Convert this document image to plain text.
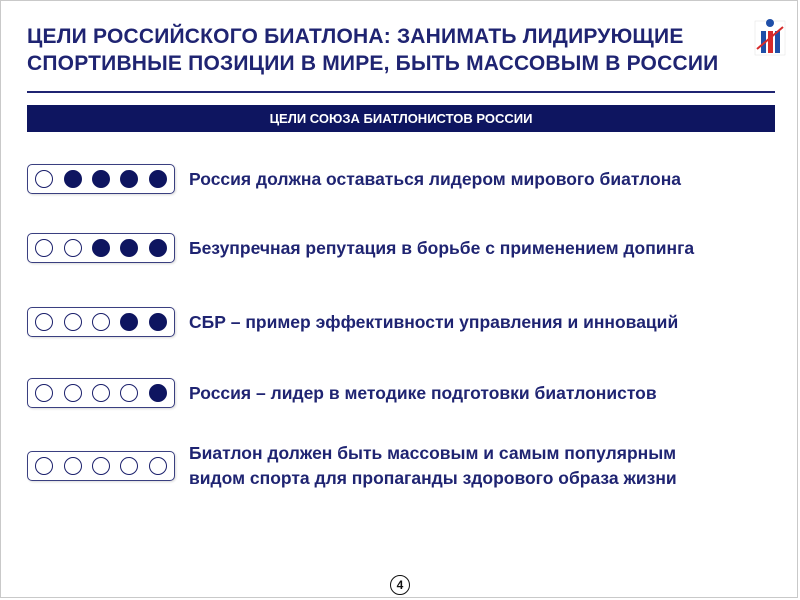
ЦЕЛИ РОССИЙСКОГО БИАТЛОНА: ЗАНИМАТЬ ЛИДИРУЮЩИЕ
СПОРТИВНЫЕ ПОЗИЦИИ В МИРЕ, БЫТЬ МАССОВЫМ В РОССИИ
ЦЕЛИ СОЮЗА БИАТЛОНИСТОВ РОССИИ
Россия должна оставаться лидером мирового биатлона
Безупречная репутация в борьбе с применением допинга
СБР – пример эффективности управления и инноваций
Россия – лидер в методике подготовки биатлонистов
Биатлон должен быть массовым и самым популярным
видом спорта для пропаганды здорового образа жизни
4
